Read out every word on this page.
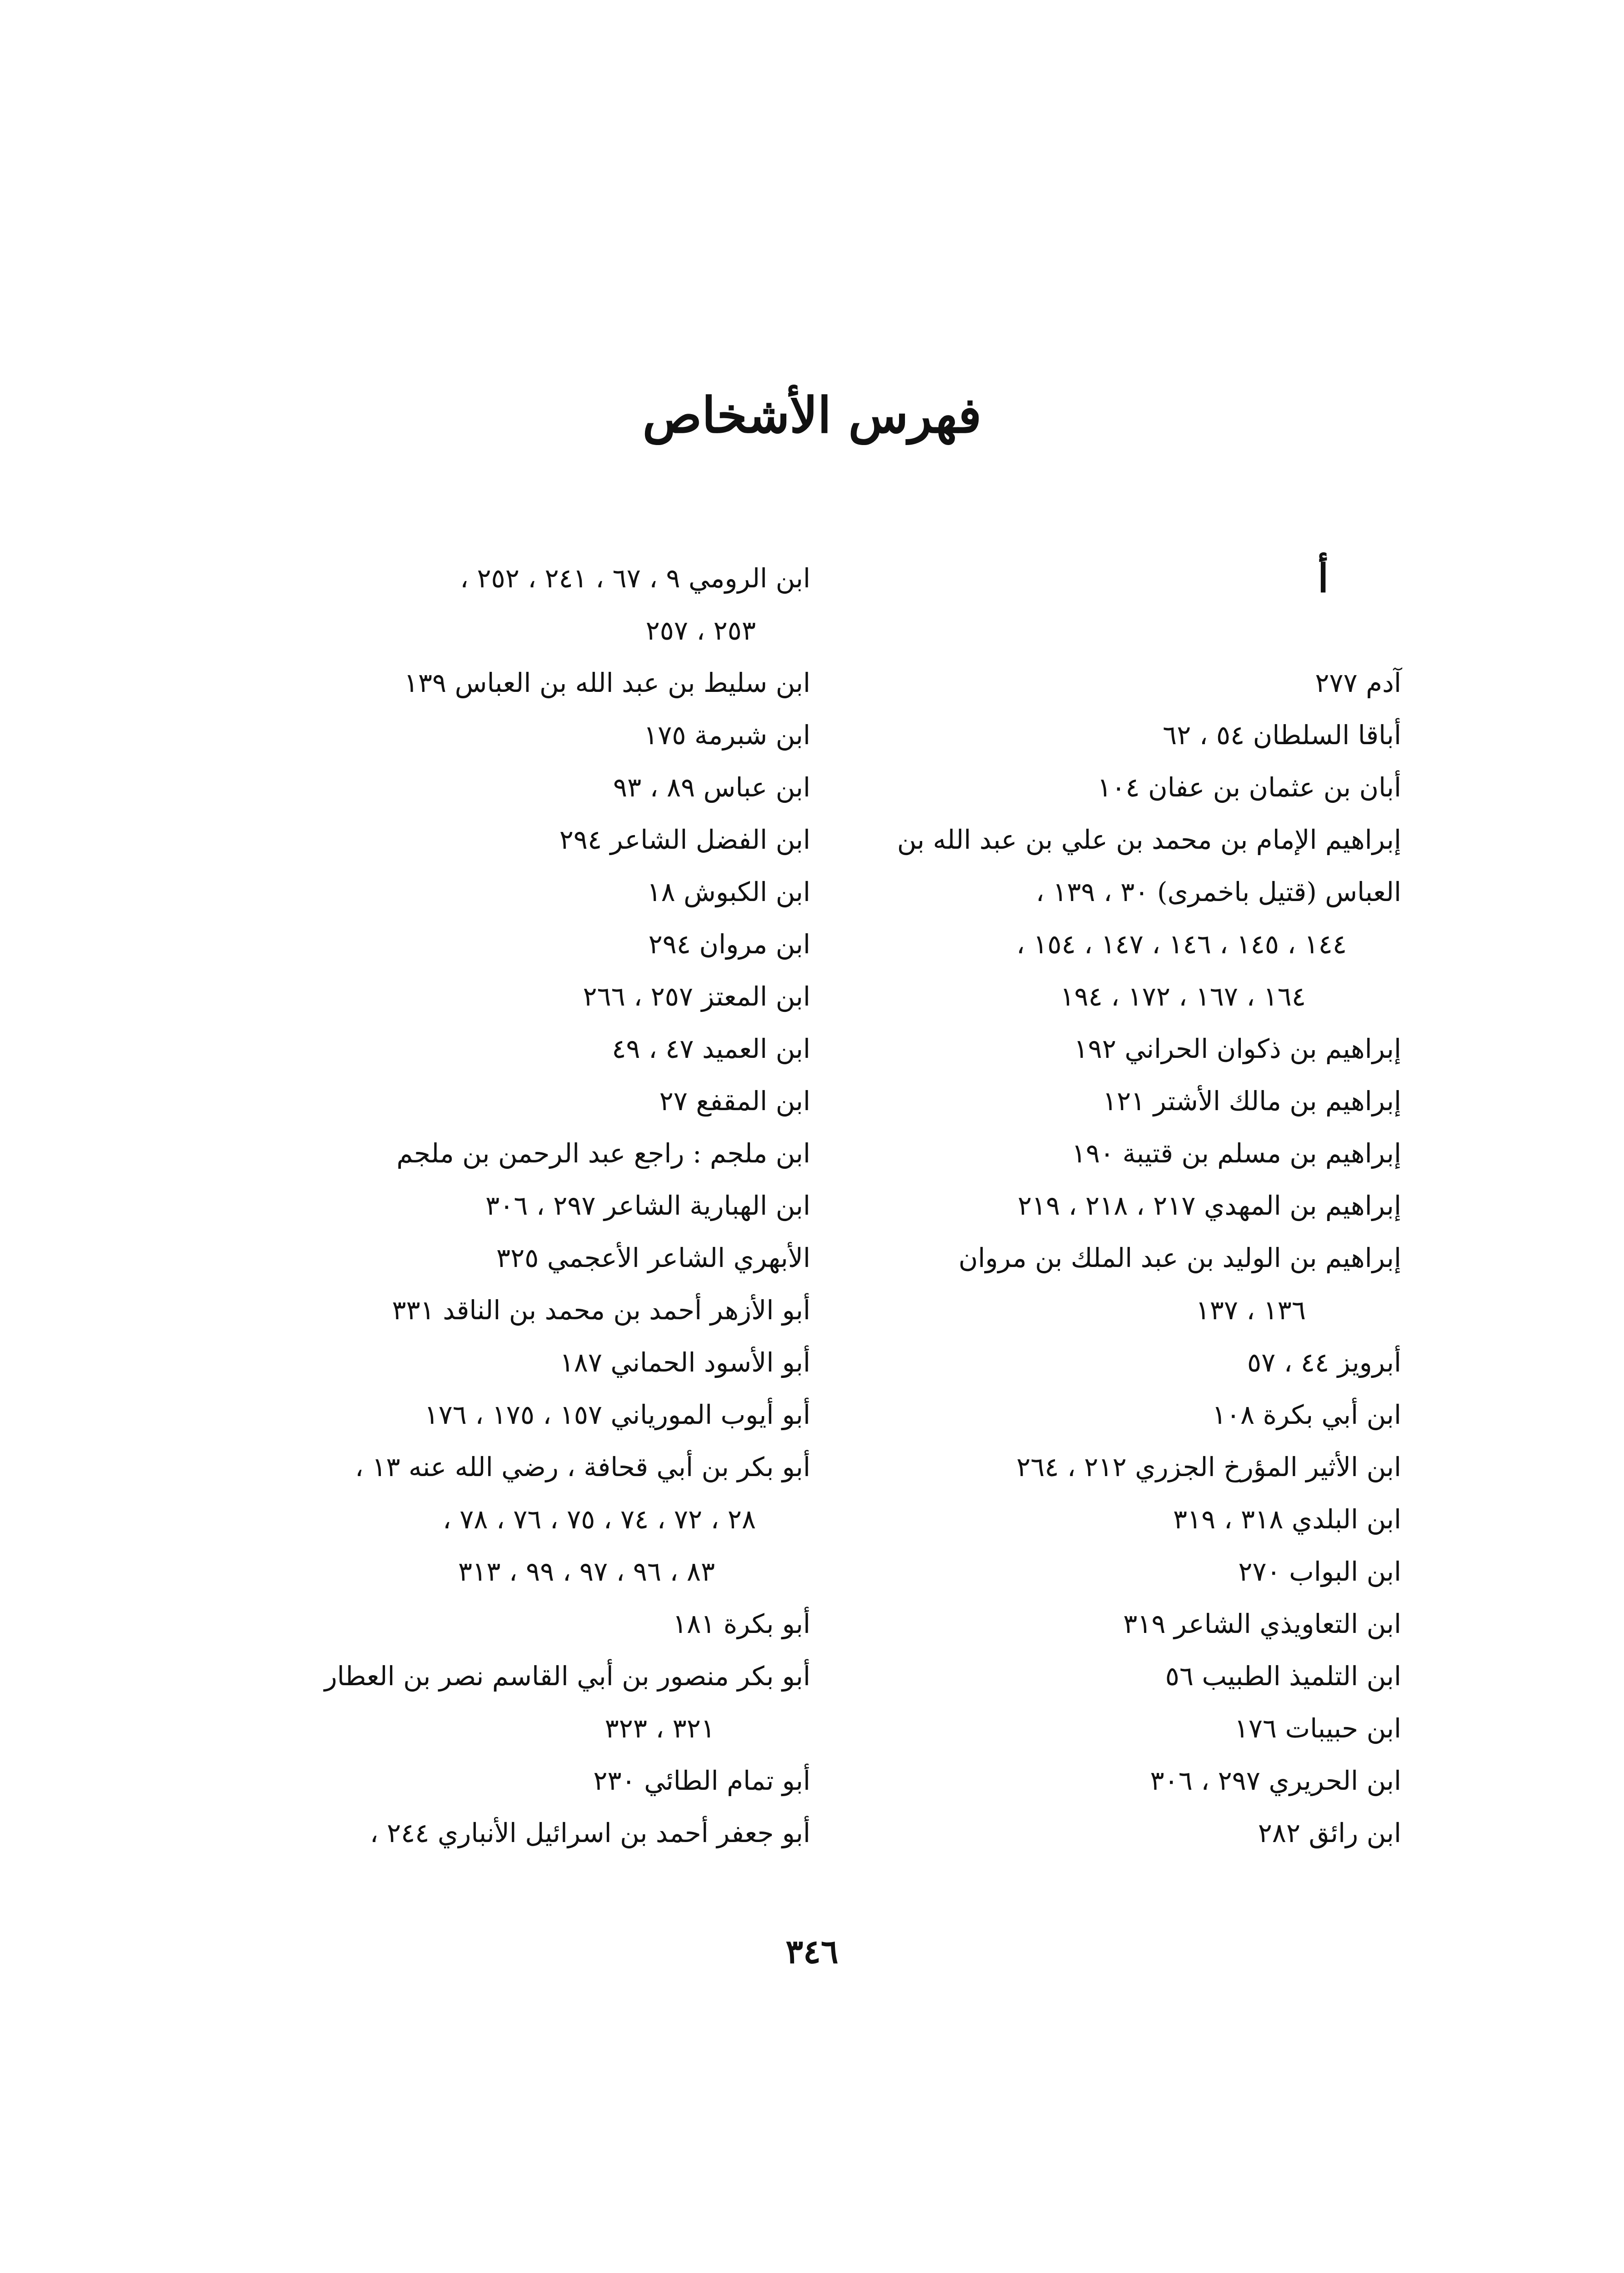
فهرس الأشخاص
أ
آدم ٢٧٧
أباقا السلطان ٥٤ ، ٦٢
أبان بن عثمان بن عفان ١٠٤
إبراهيم الإمام بن محمد بن علي بن عبد الله بن
العباس (قتيل باخمرى) ٣٠ ، ١٣٩ ،
١٤٤ ، ١٤٥ ، ١٤٦ ، ١٤٧ ، ١٥٤ ،
١٦٤ ، ١٦٧ ، ١٧٢ ، ١٩٤
إبراهيم بن ذكوان الحراني ١٩٢
إبراهيم بن مالك الأشتر ١٢١
إبراهيم بن مسلم بن قتيبة ١٩٠
إبراهيم بن المهدي ٢١٧ ، ٢١٨ ، ٢١٩
إبراهيم بن الوليد بن عبد الملك بن مروان
١٣٦ ، ١٣٧
أبرويز ٤٤ ، ٥٧
ابن أبي بكرة ١٠٨
ابن الأثير المؤرخ الجزري ٢١٢ ، ٢٦٤
ابن البلدي ٣١٨ ، ٣١٩
ابن البواب ٢٧٠
ابن التعاويذي الشاعر ٣١٩
ابن التلميذ الطبيب ٥٦
ابن حبيبات ١٧٦
ابن الحريري ٢٩٧ ، ٣٠٦
ابن رائق ٢٨٢
ابن الرومي ٩ ، ٦٧ ، ٢٤١ ، ٢٥٢ ،
٢٥٣ ، ٢٥٧
ابن سليط بن عبد الله بن العباس ١٣٩
ابن شبرمة ١٧٥
ابن عباس ٨٩ ، ٩٣
ابن الفضل الشاعر ٢٩٤
ابن الكبوش ١٨
ابن مروان ٢٩٤
ابن المعتز ٢٥٧ ، ٢٦٦
ابن العميد ٤٧ ، ٤٩
ابن المقفع ٢٧
ابن ملجم : راجع عبد الرحمن بن ملجم
ابن الهبارية الشاعر ٢٩٧ ، ٣٠٦
الأبهري الشاعر الأعجمي ٣٢٥
أبو الأزهر أحمد بن محمد بن الناقد ٣٣١
أبو الأسود الحماني ١٨٧
أبو أيوب المورياني ١٥٧ ، ١٧٥ ، ١٧٦
أبو بكر بن أبي قحافة ، رضي الله عنه ١٣ ،
٢٨ ، ٧٢ ، ٧٤ ، ٧٥ ، ٧٦ ، ٧٨ ،
٨٣ ، ٩٦ ، ٩٧ ، ٩٩ ، ٣١٣
أبو بكرة ١٨١
أبو بكر منصور بن أبي القاسم نصر بن العطار
٣٢١ ، ٣٢٣
أبو تمام الطائي ٢٣٠
أبو جعفر أحمد بن اسرائيل الأنباري ٢٤٤ ،
٣٤٦
